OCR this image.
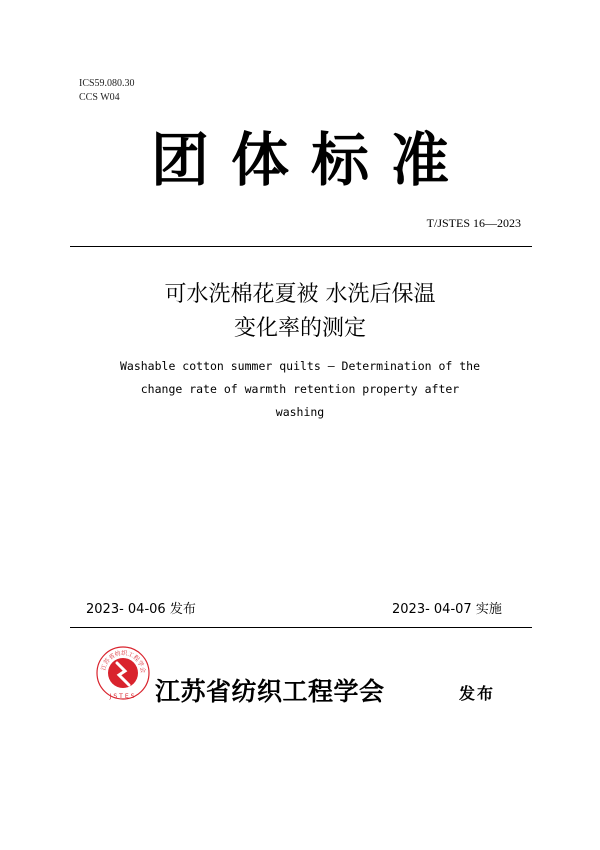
ICS59.080.30
CCS W04
团体标准
T/JSTES 16—2023
可水洗棉花夏被 水洗后保温
变化率的测定
Washable cotton summer quilts — Determination of the
change rate of warmth retention property after
washing
2023- 04-06 发布	2023- 04-07 实施
江苏省纺织工程学会
JSTES 江苏省纺织工程学会	发布
